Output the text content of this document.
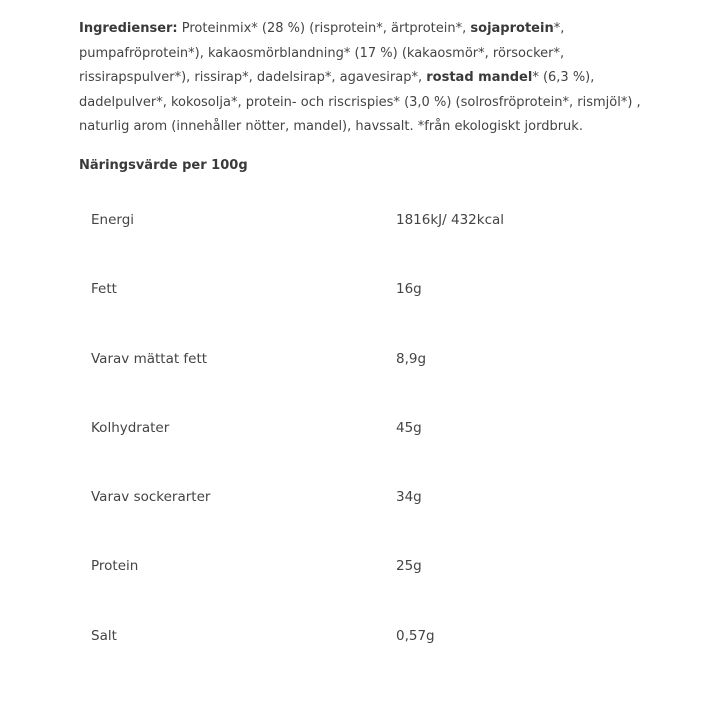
Ingredienser: Proteinmix* (28 %) (risprotein*, ärtprotein*, sojaprotein*, pumpafröprotein*), kakaosmörblandning* (17 %) (kakaosmör*, rörsocker*, rissirapspulver*), rissirap*, dadelsirap*, agavesirap*, rostad mandel* (6,3 %), dadelpulver*, kokosolja*, protein- och riscrispies* (3,0 %) (solrosfröprotein*, rismjöl*) , naturlig arom (innehåller nötter, mandel), havssalt. *från ekologiskt jordbruk.

Näringsvärde per 100g

Energi	1816kJ/ 432kcal
Fett	16g
Varav mättat fett	8,9g
Kolhydrater	45g
Varav sockerarter	34g
Protein	25g
Salt	0,57g
